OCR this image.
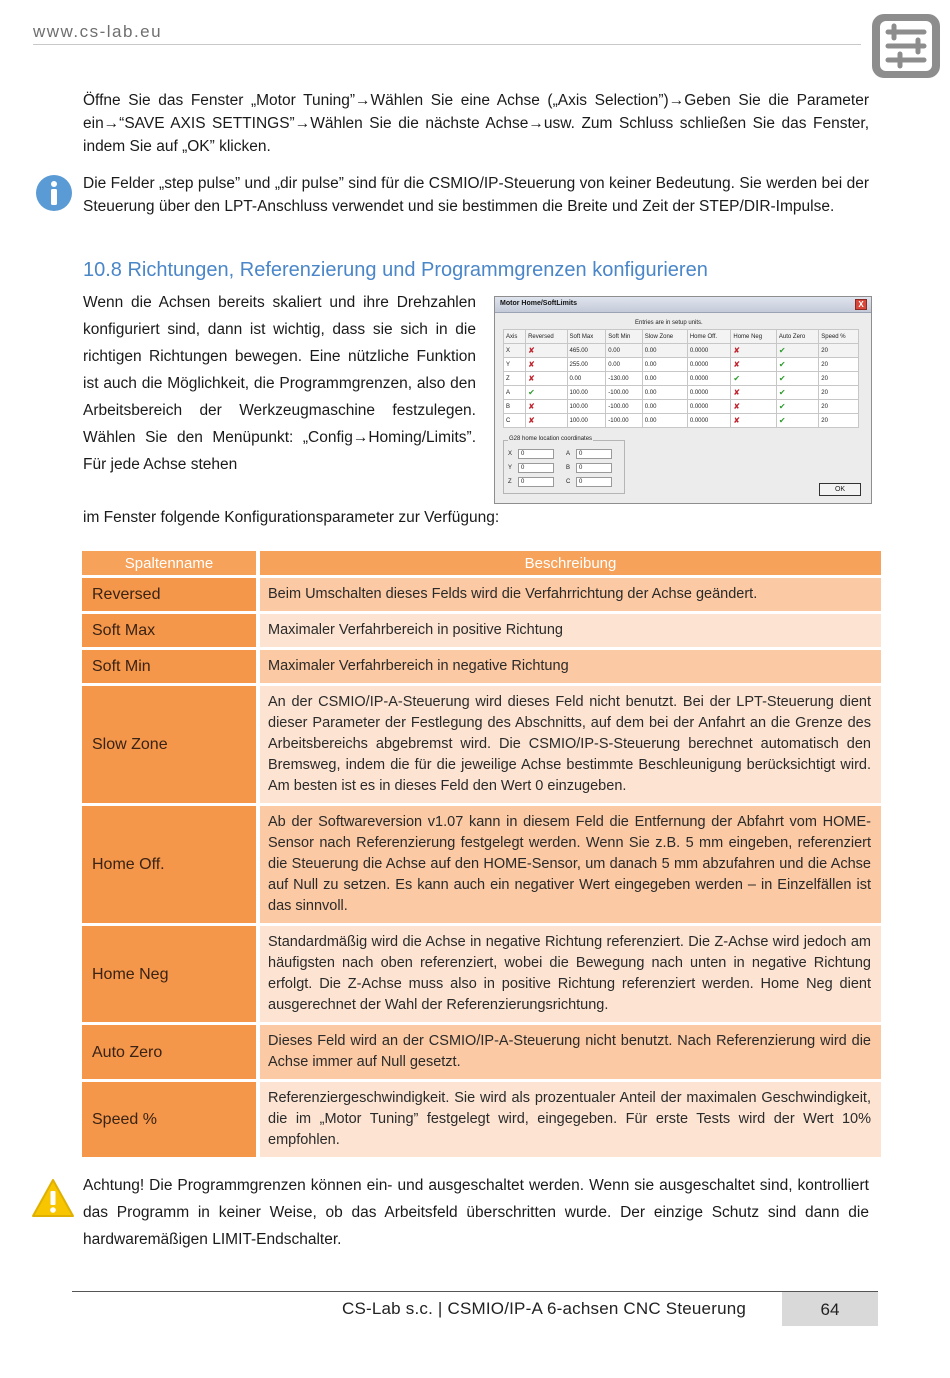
www.cs-lab.eu
Öffne Sie das Fenster „Motor Tuning”→Wählen Sie eine Achse („Axis Selection”)→Geben Sie die Parameter ein→“SAVE AXIS SETTINGS”→Wählen Sie die nächste Achse→usw. Zum Schluss schließen Sie das Fenster, indem Sie auf „OK” klicken.
Die Felder „step pulse” und „dir pulse” sind für die CSMIO/IP-Steuerung von keiner Bedeutung. Sie werden bei der Steuerung über den LPT-Anschluss verwendet und sie bestimmen die Breite und Zeit der STEP/DIR-Impulse.
10.8 Richtungen, Referenzierung und Programmgrenzen konfigurieren
Wenn die Achsen bereits skaliert und ihre Drehzahlen konfiguriert sind, dann ist wichtig, dass sie sich in die richtigen Richtungen bewegen. Eine nützliche Funktion ist auch die Möglichkeit, die Programmgrenzen, also den Arbeitsbereich der Werkzeugmaschine festzulegen. Wählen Sie den Menüpunkt: „Config→Homing/Limits”. Für jede Achse stehen
im Fenster folgende Konfigurationsparameter zur Verfügung:
Motor Home/SoftLimits	X
Entries are in setup units.
Axis	Reversed	Soft Max	Soft Min	Slow Zone	Home Off.	Home Neg	Auto Zero	Speed %
X	✘	465.00	0.00	0.00	0.0000	✘	✔	20
Y	✘	255.00	0.00	0.00	0.0000	✘	✔	20
Z	✘	0.00	-130.00	0.00	0.0000	✔	✔	20
A	✔	100.00	-100.00	0.00	0.0000	✘	✔	20
B	✘	100.00	-100.00	0.00	0.0000	✘	✔	20
C	✘	100.00	-100.00	0.00	0.0000	✘	✔	20
G28 home location coordinates
X	0
Y	0
Z	0
A	0
B	0
C	0
OK
Spaltenname	Beschreibung
Reversed	Beim Umschalten dieses Felds wird die Verfahrrichtung der Achse geändert.
Soft Max	Maximaler Verfahrbereich in positive Richtung
Soft Min	Maximaler Verfahrbereich in negative Richtung
Slow Zone	An der CSMIO/IP-A-Steuerung wird dieses Feld nicht benutzt. Bei der LPT-Steuerung dient dieser Parameter der Festlegung des Abschnitts, auf dem bei der Anfahrt an die Grenze des Arbeitsbereichs abgebremst wird. Die CSMIO/IP-S-Steuerung berechnet automatisch den Bremsweg, indem die für die jeweilige Achse bestimmte Beschleunigung berücksichtigt wird. Am besten ist es in dieses Feld den Wert 0 einzugeben.
Home Off.	Ab der Softwareversion v1.07 kann in diesem Feld die Entfernung der Abfahrt vom HOME-Sensor nach Referenzierung festgelegt werden. Wenn Sie z.B. 5 mm eingeben, referenziert die Steuerung die Achse auf den HOME-Sensor, um danach 5 mm abzufahren und die Achse auf Null zu setzen. Es kann auch ein negativer Wert eingegeben werden – in Einzelfällen ist das sinnvoll.
Home Neg	Standardmäßig wird die Achse in negative Richtung referenziert. Die Z-Achse wird jedoch am häufigsten nach oben referenziert, wobei die Bewegung nach unten in negative Richtung erfolgt. Die Z-Achse muss also in positive Richtung referenziert werden. Home Neg dient ausgerechnet der Wahl der Referenzierungsrichtung.
Auto Zero	Dieses Feld wird an der CSMIO/IP-A-Steuerung nicht benutzt. Nach Referenzierung wird die Achse immer auf Null gesetzt.
Speed %	Referenziergeschwindigkeit. Sie wird als prozentualer Anteil der maximalen Geschwindigkeit, die im „Motor Tuning” festgelegt wird, eingegeben. Für erste Tests wird der Wert 10% empfohlen.
Achtung! Die Programmgrenzen können ein- und ausgeschaltet werden. Wenn sie ausgeschaltet sind, kontrolliert das Programm in keiner Weise, ob das Arbeitsfeld überschritten wurde. Der einzige Schutz sind dann die hardwaremäßigen LIMIT-Endschalter.
CS-Lab s.c. | CSMIO/IP-A 6-achsen CNC Steuerung	64
